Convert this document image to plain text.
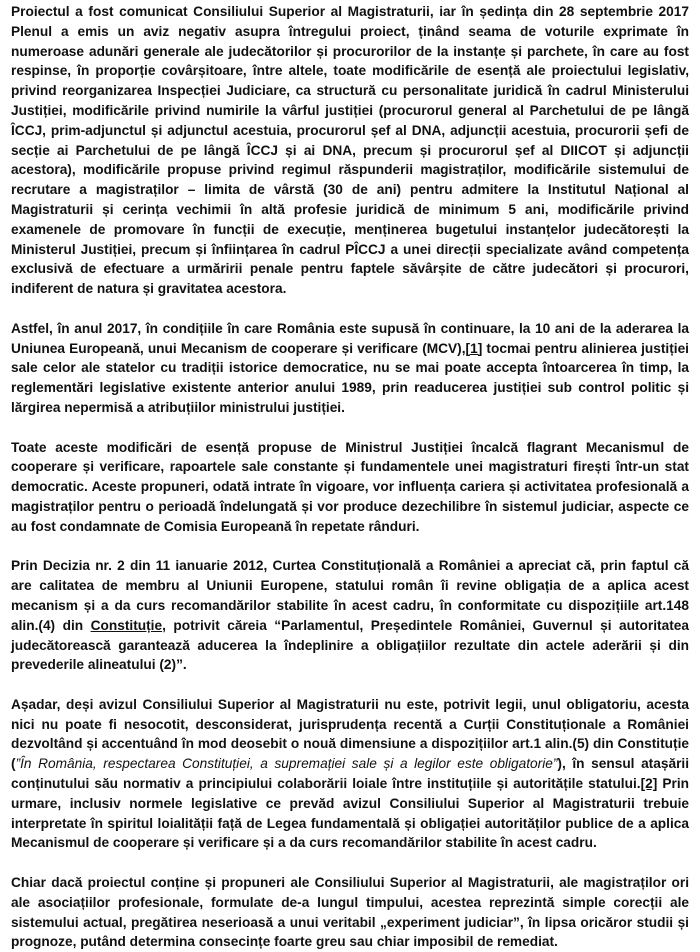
Proiectul a fost comunicat Consiliului Superior al Magistraturii, iar în ședința din 28 septembrie 2017 Plenul a emis un aviz negativ asupra întregului proiect, ținând seama de voturile exprimate în numeroase adunări generale ale judecătorilor și procurorilor de la instanțe și parchete, în care au fost respinse, în proporție covârșitoare, între altele, toate modificările de esență ale proiectului legislativ, privind reorganizarea Inspecției Judiciare, ca structură cu personalitate juridică în cadrul Ministerului Justiției, modificările privind numirile la vârful justiției (procurorul general al Parchetului de pe lângă ÎCCJ, prim-adjunctul și adjunctul acestuia, procurorul șef al DNA, adjuncții acestuia, procurorii șefi de secție ai Parchetului de pe lângă ÎCCJ și ai DNA, precum și procurorul șef al DIICOT și adjuncții acestora), modificările propuse privind regimul răspunderii magistraților, modificările sistemului de recrutare a magistraților – limita de vârstă (30 de ani) pentru admitere la Institutul Național al Magistraturii și cerința vechimii în altă profesie juridică de minimum 5 ani, modificările privind examenele de promovare în funcții de execuție, menținerea bugetului instanțelor judecătorești la Ministerul Justiției, precum și înființarea în cadrul PÎCCJ a unei direcții specializate având competența exclusivă de efectuare a urmăririi penale pentru faptele săvârșite de către judecători și procurori, indiferent de natura și gravitatea acestora.

Astfel, în anul 2017, în condițiile în care România este supusă în continuare, la 10 ani de la aderarea la Uniunea Europeană, unui Mecanism de cooperare și verificare (MCV),[1] tocmai pentru alinierea justiției sale celor ale statelor cu tradiții istorice democratice, nu se mai poate accepta întoarcerea în timp, la reglementări legislative existente anterior anului 1989, prin readucerea justiției sub control politic și lărgirea nepermisă a atribuțiilor ministrului justiției.

Toate aceste modificări de esență propuse de Ministrul Justiției încalcă flagrant Mecanismul de cooperare și verificare, rapoartele sale constante și fundamentele unei magistraturi firești într-un stat democratic. Aceste propuneri, odată intrate în vigoare, vor influența cariera și activitatea profesională a magistraților pentru o perioadă îndelungată și vor produce dezechilibre în sistemul judiciar, aspecte ce au fost condamnate de Comisia Europeană în repetate rânduri.

Prin Decizia nr. 2 din 11 ianuarie 2012, Curtea Constituțională a României a apreciat că, prin faptul că are calitatea de membru al Uniunii Europene, statului român îi revine obligația de a aplica acest mecanism și a da curs recomandărilor stabilite în acest cadru, în conformitate cu dispozițiile art.148 alin.(4) din Constituție, potrivit căreia “Parlamentul, Președintele României, Guvernul și autoritatea judecătorească garantează aducerea la îndeplinire a obligațiilor rezultate din actele aderării și din prevederile alineatului (2)”.

Așadar, deși avizul Consiliului Superior al Magistraturii nu este, potrivit legii, unul obligatoriu, acesta nici nu poate fi nesocotit, desconsiderat, jurisprudența recentă a Curții Constituționale a României dezvoltând și accentuând în mod deosebit o nouă dimensiune a dispozițiilor art.1 alin.(5) din Constituție (”În România, respectarea Constituției, a supremației sale și a legilor este obligatorie”), în sensul atașării conținutului său normativ a principiului colaborării loiale între instituțiile și autoritățile statului.[2] Prin urmare, inclusiv normele legislative ce prevăd avizul Consiliului Superior al Magistraturii trebuie interpretate în spiritul loialității față de Legea fundamentală și obligației autorităților publice de a aplica Mecanismul de cooperare și verificare și a da curs recomandărilor stabilite în acest cadru.

Chiar dacă proiectul conține și propuneri ale Consiliului Superior al Magistraturii, ale magistraților ori ale asociațiilor profesionale, formulate de-a lungul timpului, acestea reprezintă simple corecții ale sistemului actual, pregătirea neserioasă a unui veritabil „experiment judiciar”, în lipsa oricăror studii și prognoze, putând determina consecințe foarte greu sau chiar imposibil de remediat.
